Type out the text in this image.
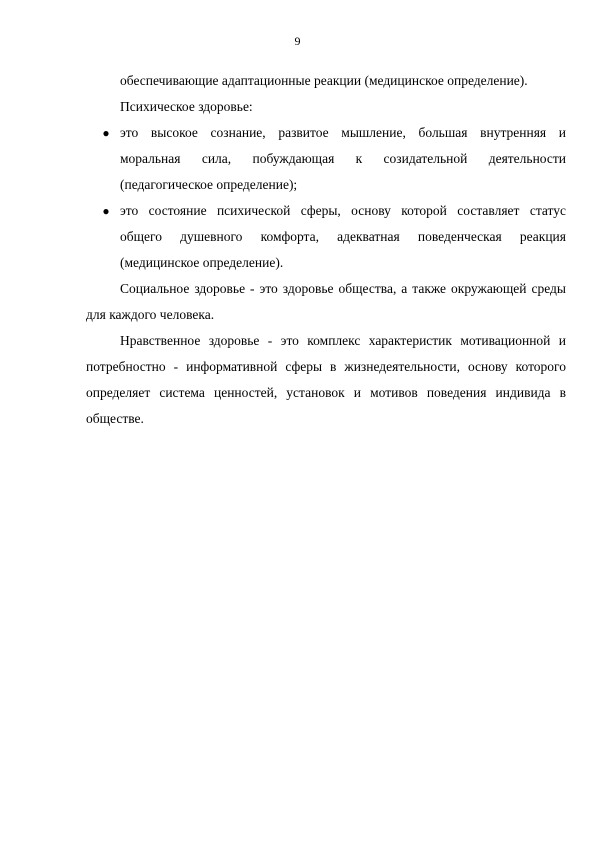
9
обеспечивающие адаптационные реакции (медицинское определение).
Психическое здоровье:
● это высокое сознание, развитое мышление, большая внутренняя и
моральная сила, побуждающая к созидательной деятельности
(педагогическое определение);
● это состояние психической сферы, основу которой составляет статус
общего душевного комфорта, адекватная поведенческая реакция
(медицинское определение).
Социальное здоровье - это здоровье общества, а также окружающей среды
для каждого человека.
Нравственное здоровье - это комплекс характеристик мотивационной и
потребностно - информативной сферы в жизнедеятельности, основу которого
определяет система ценностей, установок и мотивов поведения индивида в
обществе.
